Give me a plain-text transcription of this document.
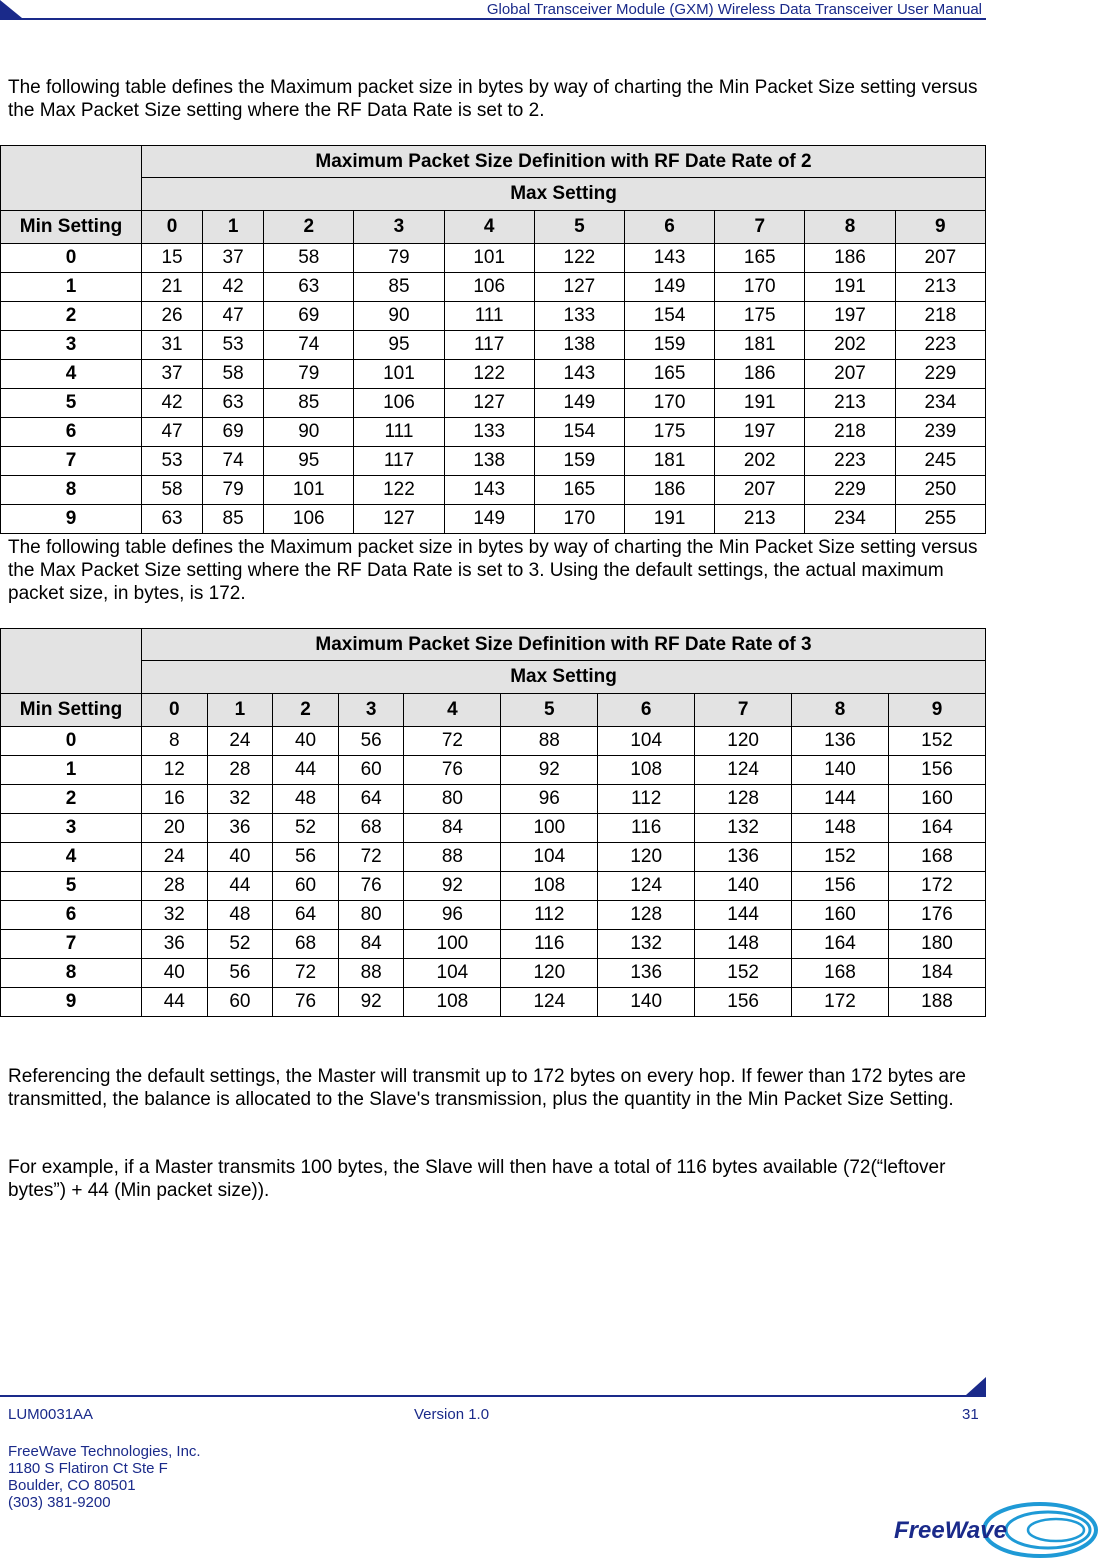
Global Transceiver Module (GXM) Wireless Data Transceiver User Manual
The following table defines the Maximum packet size in bytes by way of charting the Min Packet Size setting versus the Max Packet Size setting where the RF Data Rate is set to 2.
	Maximum Packet Size Definition with RF Date Rate of 2									
	Max Setting									
Min Setting	0	1	2	3	4	5	6	7	8	9
0	15	37	58	79	101	122	143	165	186	207
1	21	42	63	85	106	127	149	170	191	213
2	26	47	69	90	111	133	154	175	197	218
3	31	53	74	95	117	138	159	181	202	223
4	37	58	79	101	122	143	165	186	207	229
5	42	63	85	106	127	149	170	191	213	234
6	47	69	90	111	133	154	175	197	218	239
7	53	74	95	117	138	159	181	202	223	245
8	58	79	101	122	143	165	186	207	229	250
9	63	85	106	127	149	170	191	213	234	255
The following table defines the Maximum packet size in bytes by way of charting the Min Packet Size setting versus the Max Packet Size setting where the RF Data Rate is set to 3. Using the default settings, the actual maximum packet size, in bytes, is 172.
	Maximum Packet Size Definition with RF Date Rate of 3									
	Max Setting									
Min Setting	0	1	2	3	4	5	6	7	8	9
0	8	24	40	56	72	88	104	120	136	152
1	12	28	44	60	76	92	108	124	140	156
2	16	32	48	64	80	96	112	128	144	160
3	20	36	52	68	84	100	116	132	148	164
4	24	40	56	72	88	104	120	136	152	168
5	28	44	60	76	92	108	124	140	156	172
6	32	48	64	80	96	112	128	144	160	176
7	36	52	68	84	100	116	132	148	164	180
8	40	56	72	88	104	120	136	152	168	184
9	44	60	76	92	108	124	140	156	172	188
Referencing the default settings, the Master will transmit up to 172 bytes on every hop. If fewer than 172 bytes are transmitted, the balance is allocated to the Slave's transmission, plus the quantity in the Min Packet Size Setting.
For example, if a Master transmits 100 bytes, the Slave will then have a total of 116 bytes available (72(“leftover bytes”) + 44 (Min packet size)).
LUM0031AA	Version 1.0	31
FreeWave Technologies, Inc.
1180 S Flatiron Ct Ste F
Boulder, CO 80501
(303) 381-9200
FreeWave
